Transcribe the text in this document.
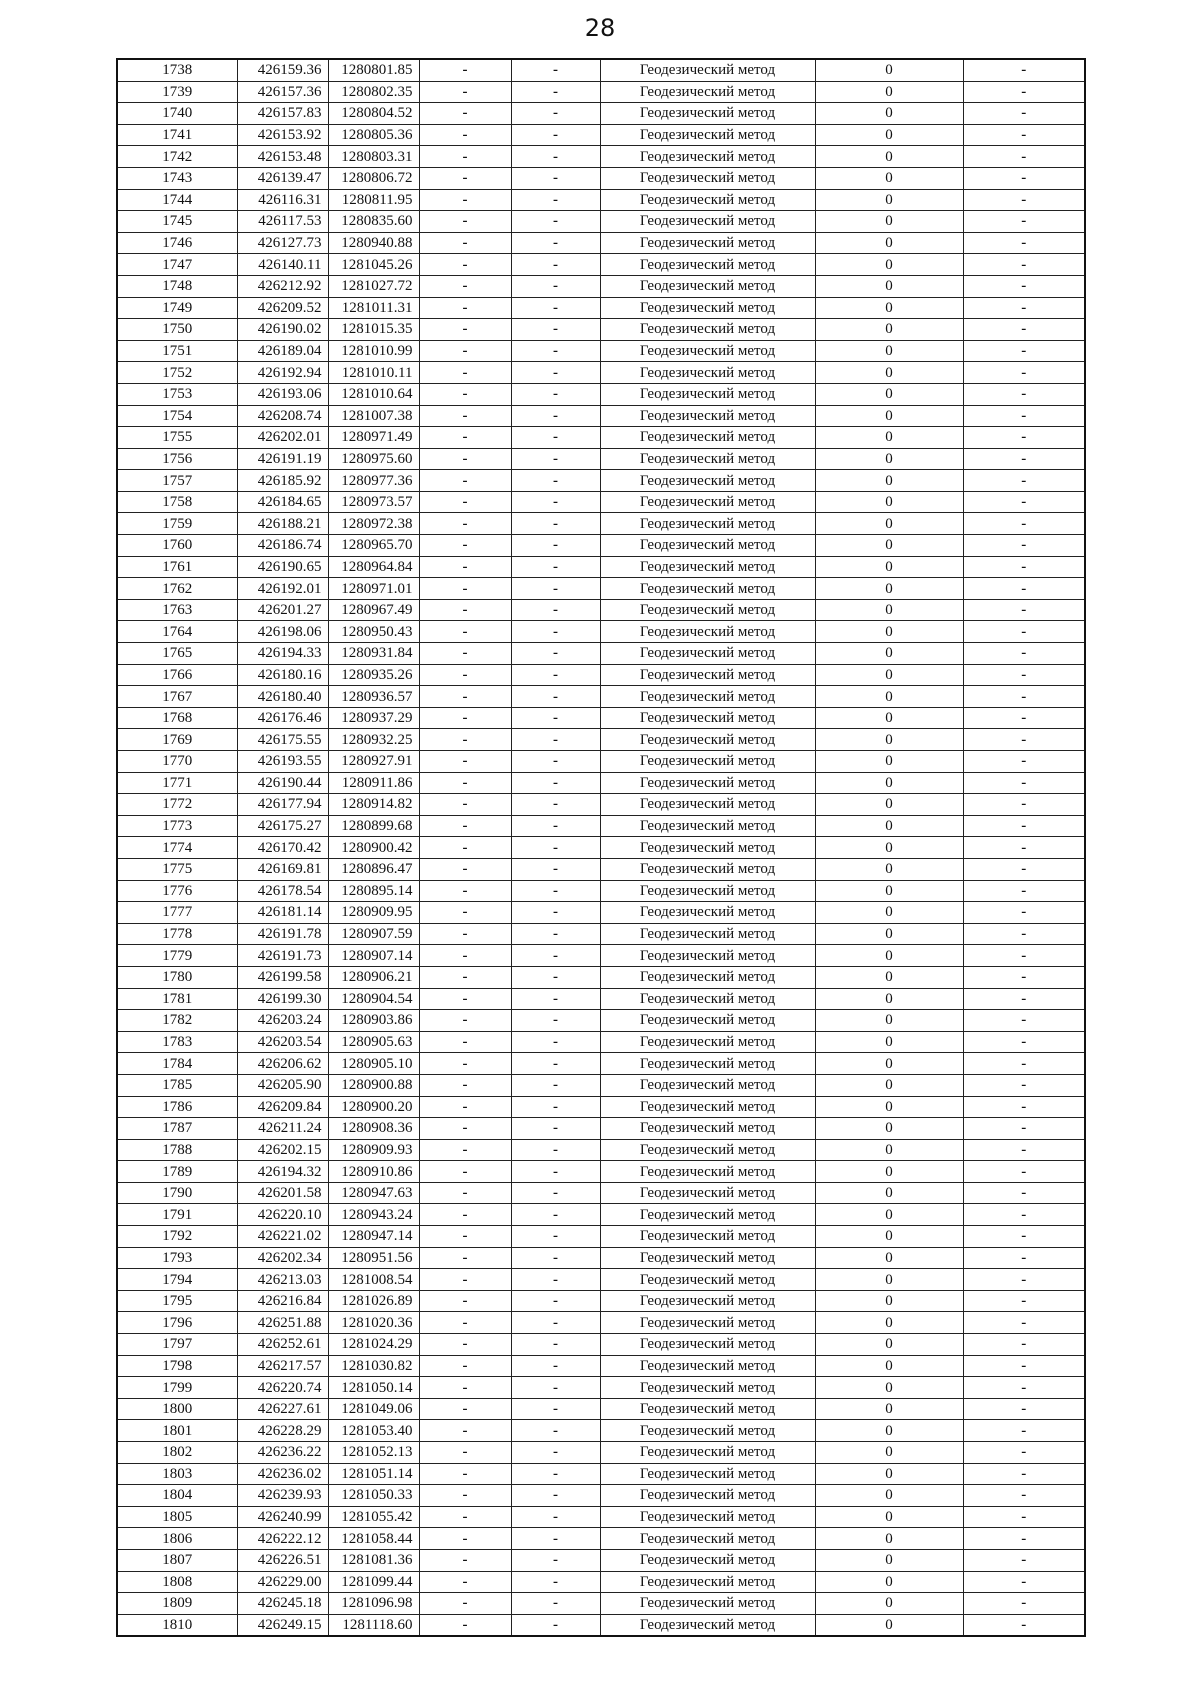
28
1738	426159.36	1280801.85	-	-	Геодезический метод	0	-
1739	426157.36	1280802.35	-	-	Геодезический метод	0	-
1740	426157.83	1280804.52	-	-	Геодезический метод	0	-
1741	426153.92	1280805.36	-	-	Геодезический метод	0	-
1742	426153.48	1280803.31	-	-	Геодезический метод	0	-
1743	426139.47	1280806.72	-	-	Геодезический метод	0	-
1744	426116.31	1280811.95	-	-	Геодезический метод	0	-
1745	426117.53	1280835.60	-	-	Геодезический метод	0	-
1746	426127.73	1280940.88	-	-	Геодезический метод	0	-
1747	426140.11	1281045.26	-	-	Геодезический метод	0	-
1748	426212.92	1281027.72	-	-	Геодезический метод	0	-
1749	426209.52	1281011.31	-	-	Геодезический метод	0	-
1750	426190.02	1281015.35	-	-	Геодезический метод	0	-
1751	426189.04	1281010.99	-	-	Геодезический метод	0	-
1752	426192.94	1281010.11	-	-	Геодезический метод	0	-
1753	426193.06	1281010.64	-	-	Геодезический метод	0	-
1754	426208.74	1281007.38	-	-	Геодезический метод	0	-
1755	426202.01	1280971.49	-	-	Геодезический метод	0	-
1756	426191.19	1280975.60	-	-	Геодезический метод	0	-
1757	426185.92	1280977.36	-	-	Геодезический метод	0	-
1758	426184.65	1280973.57	-	-	Геодезический метод	0	-
1759	426188.21	1280972.38	-	-	Геодезический метод	0	-
1760	426186.74	1280965.70	-	-	Геодезический метод	0	-
1761	426190.65	1280964.84	-	-	Геодезический метод	0	-
1762	426192.01	1280971.01	-	-	Геодезический метод	0	-
1763	426201.27	1280967.49	-	-	Геодезический метод	0	-
1764	426198.06	1280950.43	-	-	Геодезический метод	0	-
1765	426194.33	1280931.84	-	-	Геодезический метод	0	-
1766	426180.16	1280935.26	-	-	Геодезический метод	0	-
1767	426180.40	1280936.57	-	-	Геодезический метод	0	-
1768	426176.46	1280937.29	-	-	Геодезический метод	0	-
1769	426175.55	1280932.25	-	-	Геодезический метод	0	-
1770	426193.55	1280927.91	-	-	Геодезический метод	0	-
1771	426190.44	1280911.86	-	-	Геодезический метод	0	-
1772	426177.94	1280914.82	-	-	Геодезический метод	0	-
1773	426175.27	1280899.68	-	-	Геодезический метод	0	-
1774	426170.42	1280900.42	-	-	Геодезический метод	0	-
1775	426169.81	1280896.47	-	-	Геодезический метод	0	-
1776	426178.54	1280895.14	-	-	Геодезический метод	0	-
1777	426181.14	1280909.95	-	-	Геодезический метод	0	-
1778	426191.78	1280907.59	-	-	Геодезический метод	0	-
1779	426191.73	1280907.14	-	-	Геодезический метод	0	-
1780	426199.58	1280906.21	-	-	Геодезический метод	0	-
1781	426199.30	1280904.54	-	-	Геодезический метод	0	-
1782	426203.24	1280903.86	-	-	Геодезический метод	0	-
1783	426203.54	1280905.63	-	-	Геодезический метод	0	-
1784	426206.62	1280905.10	-	-	Геодезический метод	0	-
1785	426205.90	1280900.88	-	-	Геодезический метод	0	-
1786	426209.84	1280900.20	-	-	Геодезический метод	0	-
1787	426211.24	1280908.36	-	-	Геодезический метод	0	-
1788	426202.15	1280909.93	-	-	Геодезический метод	0	-
1789	426194.32	1280910.86	-	-	Геодезический метод	0	-
1790	426201.58	1280947.63	-	-	Геодезический метод	0	-
1791	426220.10	1280943.24	-	-	Геодезический метод	0	-
1792	426221.02	1280947.14	-	-	Геодезический метод	0	-
1793	426202.34	1280951.56	-	-	Геодезический метод	0	-
1794	426213.03	1281008.54	-	-	Геодезический метод	0	-
1795	426216.84	1281026.89	-	-	Геодезический метод	0	-
1796	426251.88	1281020.36	-	-	Геодезический метод	0	-
1797	426252.61	1281024.29	-	-	Геодезический метод	0	-
1798	426217.57	1281030.82	-	-	Геодезический метод	0	-
1799	426220.74	1281050.14	-	-	Геодезический метод	0	-
1800	426227.61	1281049.06	-	-	Геодезический метод	0	-
1801	426228.29	1281053.40	-	-	Геодезический метод	0	-
1802	426236.22	1281052.13	-	-	Геодезический метод	0	-
1803	426236.02	1281051.14	-	-	Геодезический метод	0	-
1804	426239.93	1281050.33	-	-	Геодезический метод	0	-
1805	426240.99	1281055.42	-	-	Геодезический метод	0	-
1806	426222.12	1281058.44	-	-	Геодезический метод	0	-
1807	426226.51	1281081.36	-	-	Геодезический метод	0	-
1808	426229.00	1281099.44	-	-	Геодезический метод	0	-
1809	426245.18	1281096.98	-	-	Геодезический метод	0	-
1810	426249.15	1281118.60	-	-	Геодезический метод	0	-
